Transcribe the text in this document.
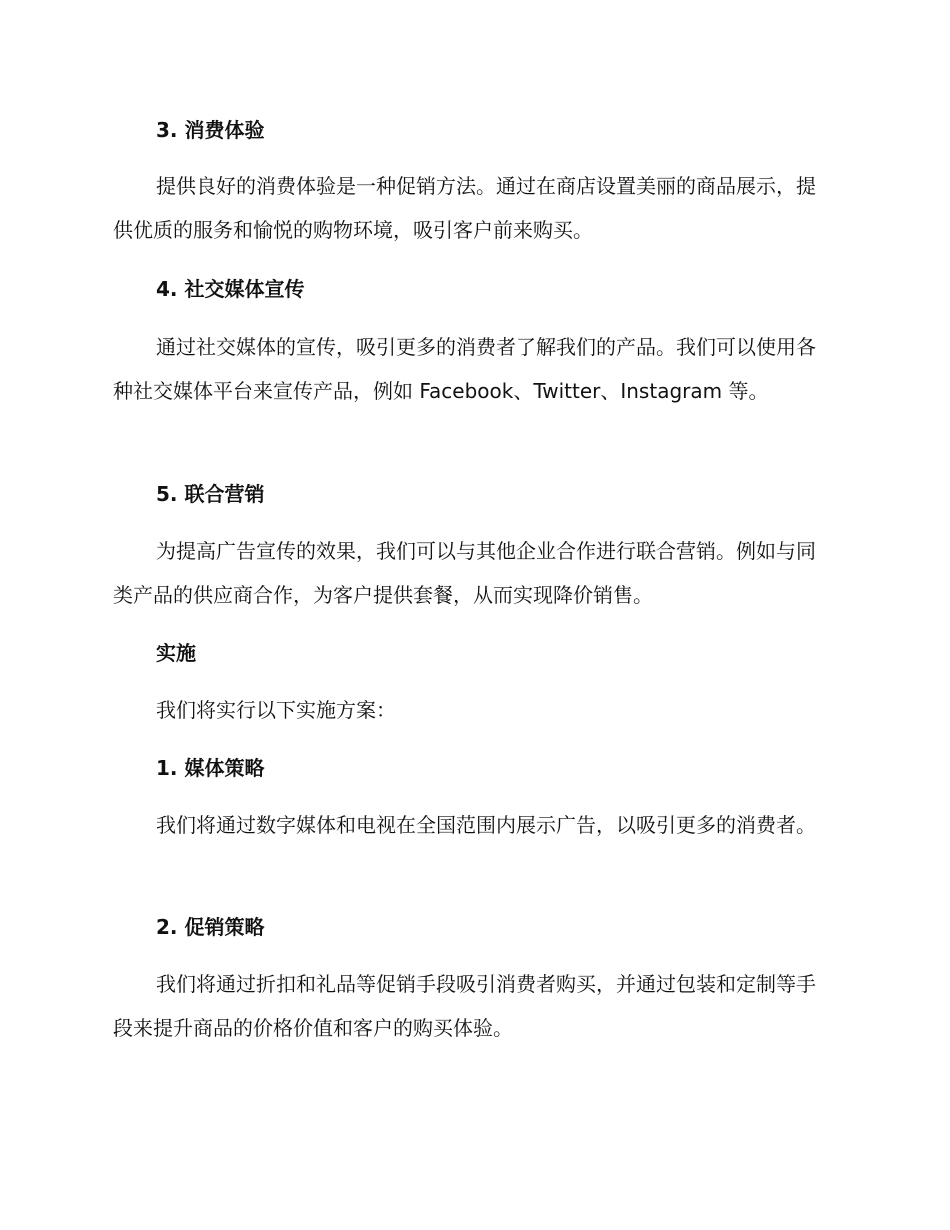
3. 消费体验

提供良好的消费体验是一种促销方法。通过在商店设置美丽的商品展示，提供优质的服务和愉悦的购物环境，吸引客户前来购买。

4. 社交媒体宣传

通过社交媒体的宣传，吸引更多的消费者了解我们的产品。我们可以使用各种社交媒体平台来宣传产品，例如 Facebook、Twitter、Instagram 等。

5. 联合营销

为提高广告宣传的效果，我们可以与其他企业合作进行联合营销。例如与同类产品的供应商合作，为客户提供套餐，从而实现降价销售。

实施

我们将实行以下实施方案：

1. 媒体策略

我们将通过数字媒体和电视在全国范围内展示广告，以吸引更多的消费者。

2. 促销策略

我们将通过折扣和礼品等促销手段吸引消费者购买，并通过包装和定制等手段来提升商品的价格价值和客户的购买体验。
